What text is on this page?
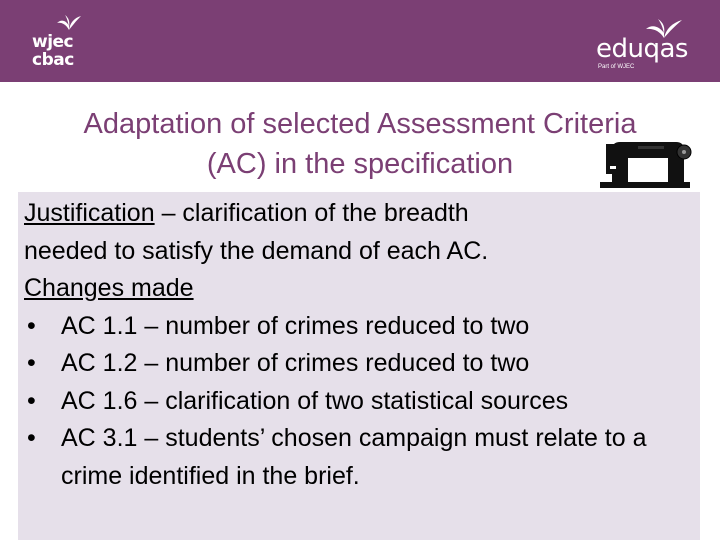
wjec
cbac	eduqas
Part of WJEC
Adaptation of selected Assessment Criteria
(AC) in the specification
Justification – clarification of the breadth
needed to satisfy the demand of each AC.
Changes made
• AC 1.1 – number of crimes reduced to two
• AC 1.2 – number of crimes reduced to two
• AC 1.6 – clarification of two statistical sources
• AC 3.1 – students’ chosen campaign must relate to a crime identified in the brief.
